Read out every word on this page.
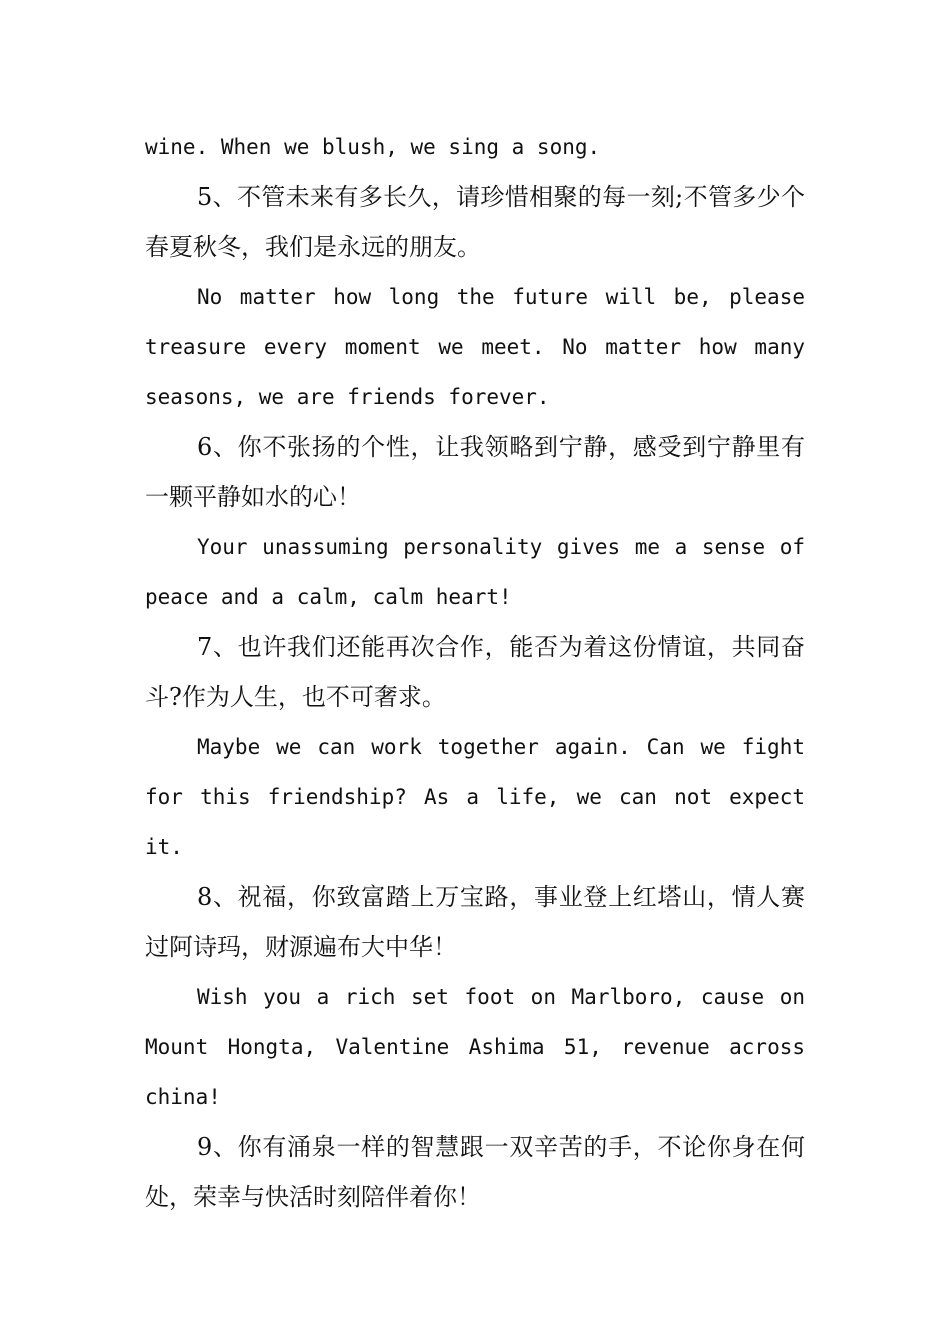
wine. When we blush, we sing a song.

5、不管未来有多长久，请珍惜相聚的每一刻;不管多少个春夏秋冬，我们是永远的朋友。

No matter how long the future will be, please treasure every moment we meet. No matter how many seasons, we are friends forever.

6、你不张扬的个性，让我领略到宁静，感受到宁静里有一颗平静如水的心！

Your unassuming personality gives me a sense of peace and a calm, calm heart!

7、也许我们还能再次合作，能否为着这份情谊，共同奋斗?作为人生，也不可奢求。

Maybe we can work together again. Can we fight for this friendship? As a life, we can not expect it.

8、祝福，你致富踏上万宝路，事业登上红塔山，情人赛过阿诗玛，财源遍布大中华！

Wish you a rich set foot on Marlboro, cause on Mount Hongta, Valentine Ashima 51, revenue across china!

9、你有涌泉一样的智慧跟一双辛苦的手，不论你身在何处，荣幸与快活时刻陪伴着你！
